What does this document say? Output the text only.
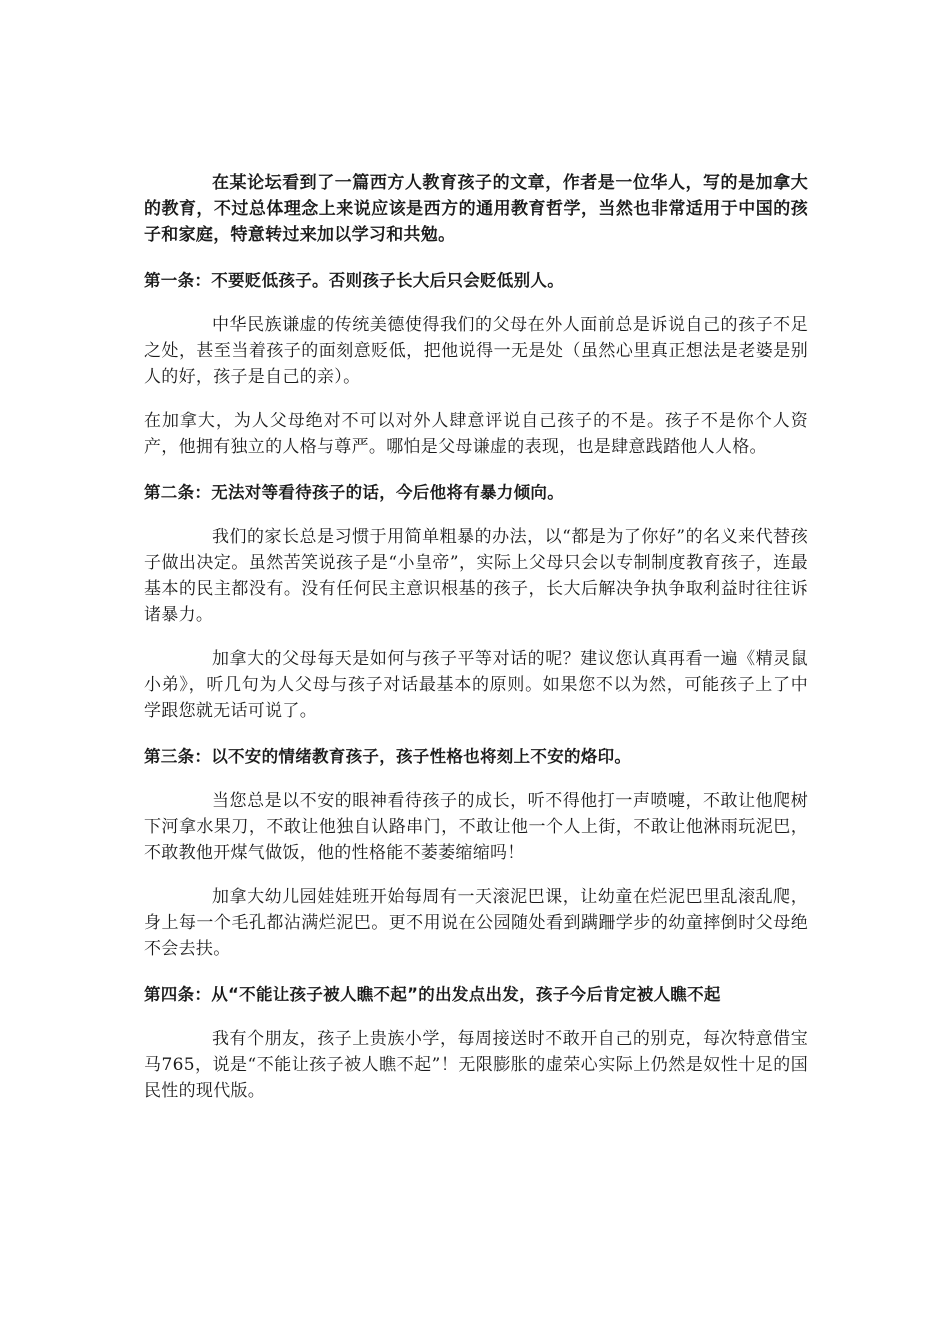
在某论坛看到了一篇西方人教育孩子的文章，作者是一位华人，写的是加拿大的教育，不过总体理念上来说应该是西方的通用教育哲学，当然也非常适用于中国的孩子和家庭，特意转过来加以学习和共勉。

第一条：不要贬低孩子。否则孩子长大后只会贬低别人。

中华民族谦虚的传统美德使得我们的父母在外人面前总是诉说自己的孩子不足之处，甚至当着孩子的面刻意贬低，把他说得一无是处（虽然心里真正想法是老婆是别人的好，孩子是自己的亲）。

在加拿大，为人父母绝对不可以对外人肆意评说自己孩子的不是。孩子不是你个人资产，他拥有独立的人格与尊严。哪怕是父母谦虚的表现，也是肆意践踏他人人格。

第二条：无法对等看待孩子的话，今后他将有暴力倾向。

我们的家长总是习惯于用简单粗暴的办法，以“都是为了你好”的名义来代替孩子做出决定。虽然苦笑说孩子是“小皇帝”，实际上父母只会以专制制度教育孩子，连最基本的民主都没有。没有任何民主意识根基的孩子，长大后解决争执争取利益时往往诉诸暴力。

加拿大的父母每天是如何与孩子平等对话的呢？建议您认真再看一遍《精灵鼠小弟》，听几句为人父母与孩子对话最基本的原则。如果您不以为然，可能孩子上了中学跟您就无话可说了。

第三条：以不安的情绪教育孩子，孩子性格也将刻上不安的烙印。

当您总是以不安的眼神看待孩子的成长，听不得他打一声喷嚏，不敢让他爬树下河拿水果刀，不敢让他独自认路串门，不敢让他一个人上街，不敢让他淋雨玩泥巴，不敢教他开煤气做饭，他的性格能不萎萎缩缩吗！

加拿大幼儿园娃娃班开始每周有一天滚泥巴课，让幼童在烂泥巴里乱滚乱爬，身上每一个毛孔都沾满烂泥巴。更不用说在公园随处看到蹒跚学步的幼童摔倒时父母绝不会去扶。

第四条：从“不能让孩子被人瞧不起”的出发点出发，孩子今后肯定被人瞧不起

我有个朋友，孩子上贵族小学，每周接送时不敢开自己的别克，每次特意借宝马765，说是“不能让孩子被人瞧不起”！无限膨胀的虚荣心实际上仍然是奴性十足的国民性的现代版。
